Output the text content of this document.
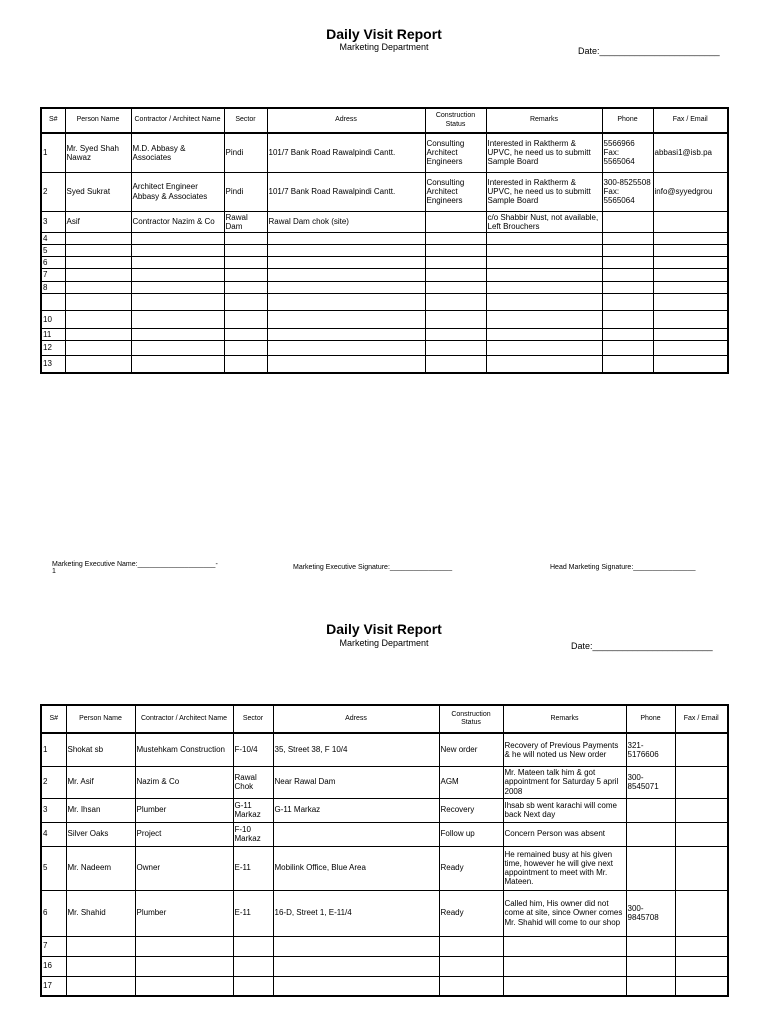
Daily Visit Report
Marketing Department	Date:________________________
S#	Person Name	Contractor / Architect Name	Sector	Adress	Construction Status	Remarks	Phone	Fax / Email
1	Mr. Syed Shah Nawaz	M.D. Abbasy & Associates	Pindi	101/7 Bank Road Rawalpindi Cantt.	Consulting Architect Engineers	Interested in Raktherm & UPVC, he need us to submitt Sample Board	5566966 Fax: 5565064	abbasi1@isb.pa
2	Syed Sukrat	Architect Engineer Abbasy & Associates	Pindi	101/7 Bank Road Rawalpindi Cantt.	Consulting Architect Engineers	Interested in Raktherm & UPVC, he need us to submitt Sample Board	300-8525508 Fax: 5565064	info@syyedgrou
3	Asif	Contractor Nazim & Co	Rawal Dam	Rawal Dam chok (site)		c/o Shabbir Nust, not available, Left Brouchers		
4								
5								
6								
7								
8								

10								
11								
12								
13								
Marketing Executive Name:____________________-
1
Marketing Executive Signature:________________	Head Marketing Signature:________________
Daily Visit Report
Marketing Department	Date:________________________
S#	Person Name	Contractor / Architect Name	Sector	Adress	Construction Status	Remarks	Phone	Fax / Email
1	Shokat sb	Mustehkam Construction	F-10/4	35, Street 38, F 10/4	New order	Recovery of Previous Payments & he will noted us New order	321-5176606	
2	Mr. Asif	Nazim & Co	Rawal Chok	Near Rawal Dam	AGM	Mr. Mateen talk him & got appointment for Saturday 5 april 2008	300-8545071	
3	Mr. Ihsan	Plumber	G-11 Markaz	G-11 Markaz	Recovery	Ihsab sb went karachi will come back Next day		
4	Silver Oaks	Project	F-10 Markaz		Follow up	Concern Person was absent		
5	Mr. Nadeem	Owner	E-11	Mobilink Office, Blue Area	Ready	He remained busy at his given time, however he will give next appointment to meet with Mr. Mateen.		
6	Mr. Shahid	Plumber	E-11	16-D, Street 1, E-11/4	Ready	Called him, His owner did not come at site, since Owner comes Mr. Shahid will come to our shop	300-9845708	
7								
16								
17								
